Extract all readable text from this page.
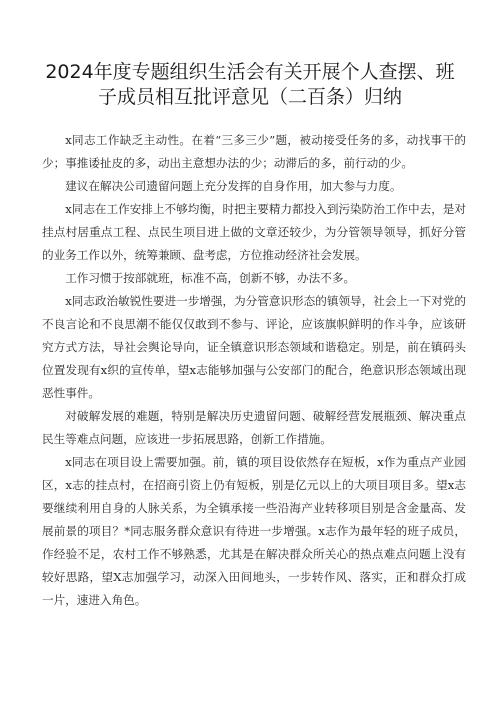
2024年度专题组织生活会有关开展个人查摆、班
子成员相互批评意见（二百条）归纳

x同志工作缺乏主动性。在着“三多三少”题，被动接受任务的多，动找事干的少；事推诿扯皮的多，动出主意想办法的少；动滞后的多，前行动的少。

建议在解决公司遗留问题上充分发挥的自身作用，加大参与力度。

x同志在工作安排上不够均衡，时把主要精力都投入到污染防治工作中去，是对挂点村居重点工程、点民生项目进上做的文章还较少，为分管领导领导，抓好分管的业务工作以外，统筹兼顾、盘考虑，方位推动经济社会发展。

工作习惯于按部就班，标准不高，创新不够，办法不多。

x同志政治敏锐性要进一步增强，为分管意识形态的镇领导，社会上一下对党的不良言论和不良思潮不能仅仅敢到不参与、评论，应该旗帜鲜明的作斗争，应该研究方式方法，导社会舆论导向，证全镇意识形态领域和谐稳定。别是，前在镇码头位置发现有x织的宣传单，望x志能够加强与公安部门的配合，绝意识形态领域出现恶性事件。

对破解发展的难题，特别是解决历史遗留问题、破解经营发展瓶颈、解决重点民生等难点问题，应该进一步拓展思路，创新工作措施。

x同志在项目设上需要加强。前，镇的项目设依然存在短板，x作为重点产业园区，x志的挂点村，在招商引资上仍有短板，别是亿元以上的大项目项目多。望x志要继续利用自身的人脉关系，为全镇承接一些沿海产业转移项目别是含金量高、发展前景的项目？*同志服务群众意识有待进一步增强。x志作为最年轻的班子成员，作经验不足，农村工作不够熟悉，尤其是在解决群众所关心的热点难点问题上没有较好思路，望X志加强学习，动深入田间地头，一步转作风、落实，正和群众打成一片，速进入角色。
